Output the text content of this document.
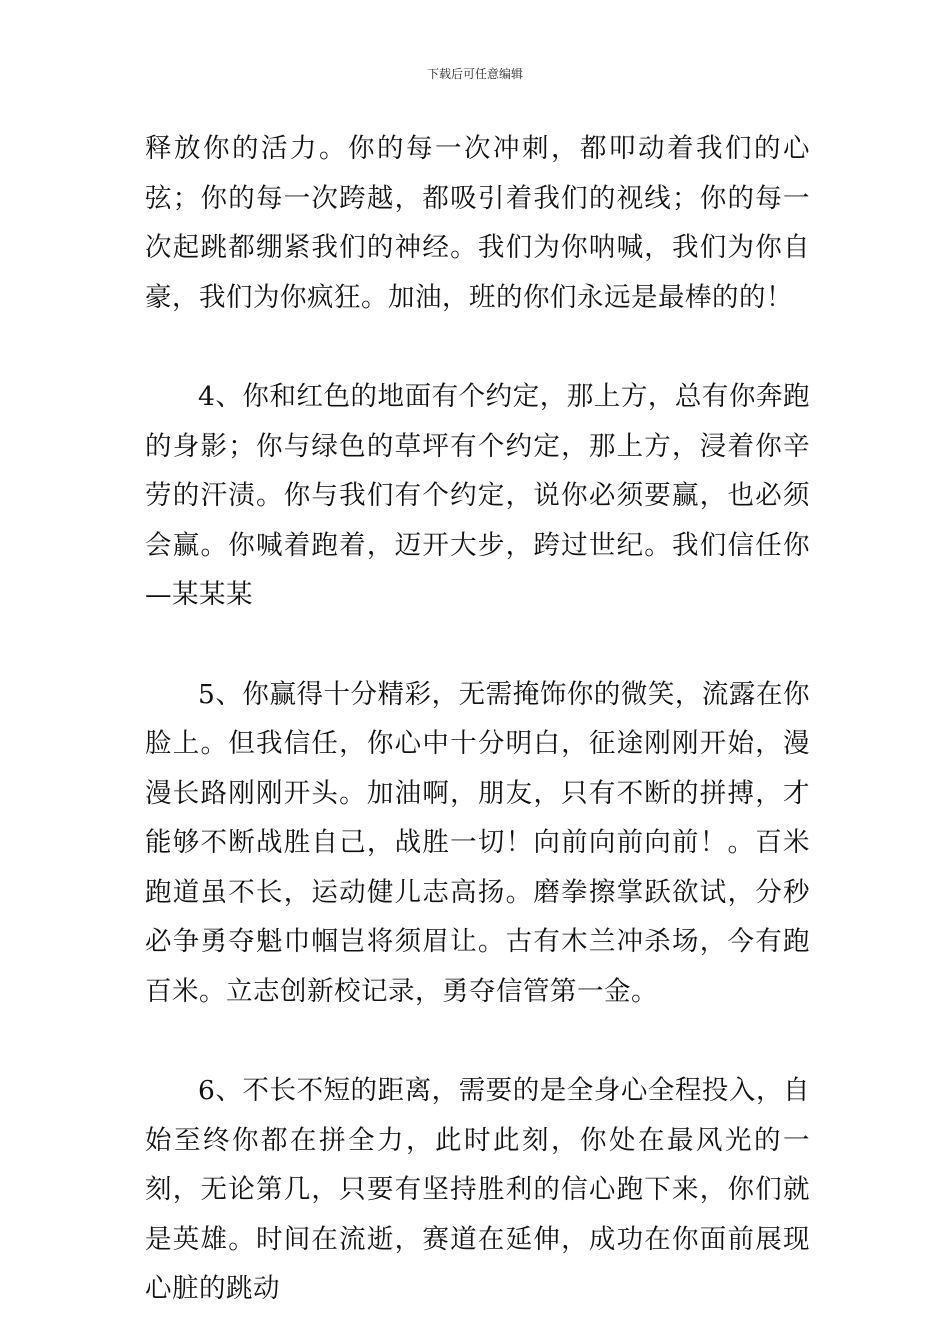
下载后可任意编辑

释放你的活力。你的每一次冲刺，都叩动着我们的心弦；你的每一次跨越，都吸引着我们的视线；你的每一次起跳都绷紧我们的神经。我们为你呐喊，我们为你自豪，我们为你疯狂。加油，班的你们永远是最棒的的！

4、你和红色的地面有个约定，那上方，总有你奔跑的身影；你与绿色的草坪有个约定，那上方，浸着你辛劳的汗渍。你与我们有个约定，说你必须要赢，也必须会赢。你喊着跑着，迈开大步，跨过世纪。我们信任你—某某某

5、你赢得十分精彩，无需掩饰你的微笑，流露在你脸上。但我信任，你心中十分明白，征途刚刚开始，漫漫长路刚刚开头。加油啊，朋友，只有不断的拼搏，才能够不断战胜自己，战胜一切！向前向前向前！。百米跑道虽不长，运动健儿志高扬。磨拳擦掌跃欲试，分秒必争勇夺魁巾帼岂将须眉让。古有木兰冲杀场，今有跑百米。立志创新校记录，勇夺信管第一金。

6、不长不短的距离，需要的是全身心全程投入，自始至终你都在拼全力，此时此刻，你处在最风光的一刻，无论第几，只要有坚持胜利的信心跑下来，你们就是英雄。时间在流逝，赛道在延伸，成功在你面前展现心脏的跳动
